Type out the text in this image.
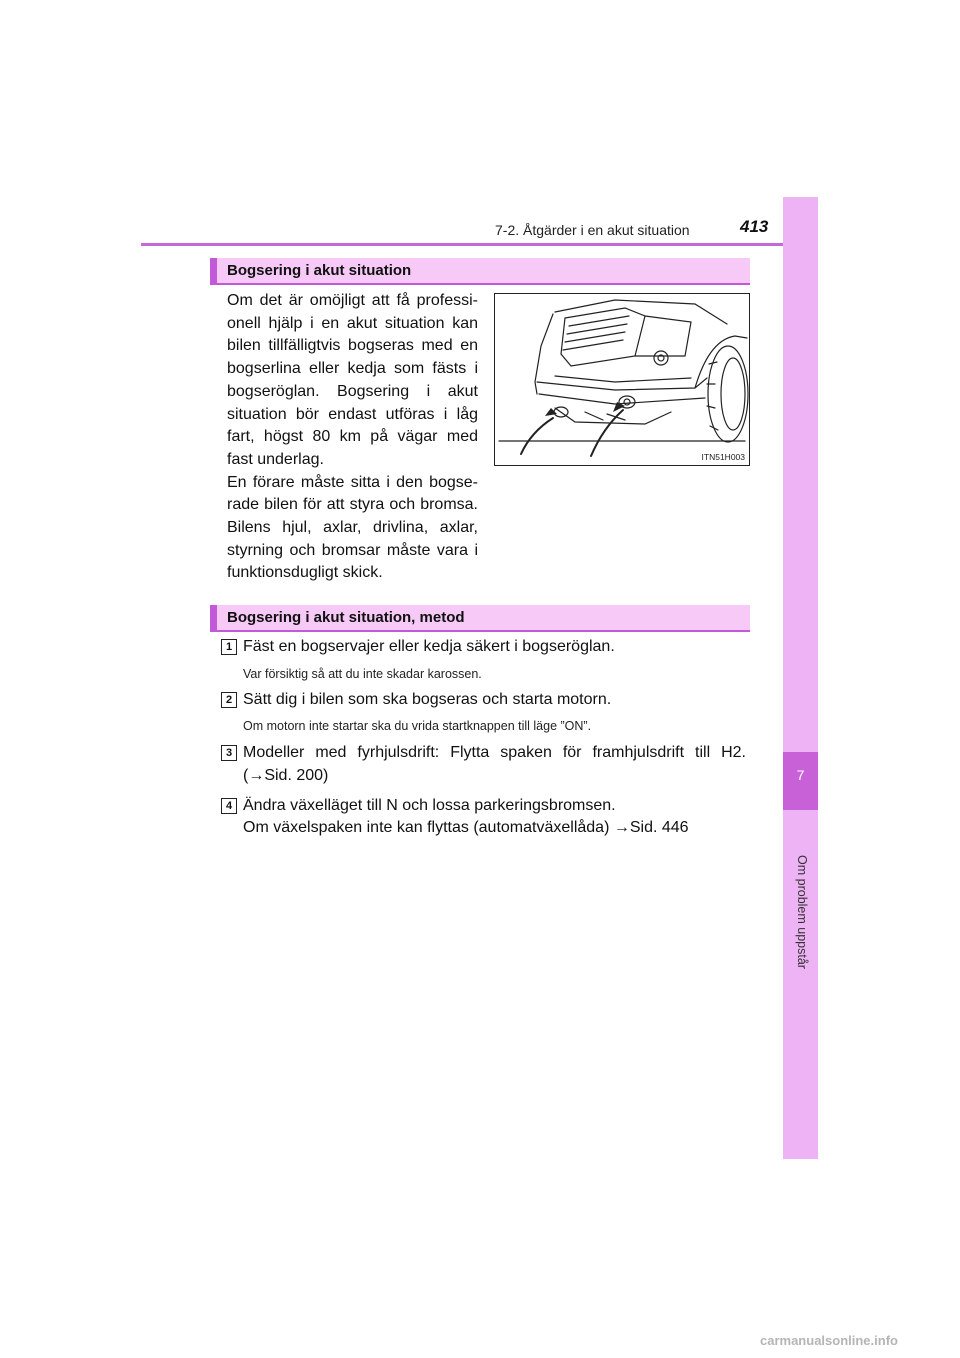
7-2. Åtgärder i en akut situation	413
7
Om problem uppstår
Bogsering i akut situation

Om det är omöjligt att få professi-onell hjälp i en akut situation kan bilen tillfälligtvis bogseras med en bogserlina eller kedja som fästs i bogseröglan. Bogsering i akut situation bör endast utföras i låg fart, högst 80 km på vägar med fast underlag.

En förare måste sitta i den bogse-rade bilen för att styra och bromsa. Bilens hjul, axlar, drivlina, axlar, styrning och bromsar måste vara i funktionsdugligt skick.

ITN51H003
Bogsering i akut situation, metod
1 Fäst en bogservajer eller kedja säkert i bogseröglan.
Var försiktig så att du inte skadar karossen.
2 Sätt dig i bilen som ska bogseras och starta motorn.
Om motorn inte startar ska du vrida startknappen till läge ”ON”.
3 Modeller med fyrhjulsdrift: Flytta spaken för framhjulsdrift till H2. (→Sid. 200)
4 Ändra växelläget till N och lossa parkeringsbromsen.
Om växelspaken inte kan flyttas (automatväxellåda) →Sid. 446
carmanualsonline.info
